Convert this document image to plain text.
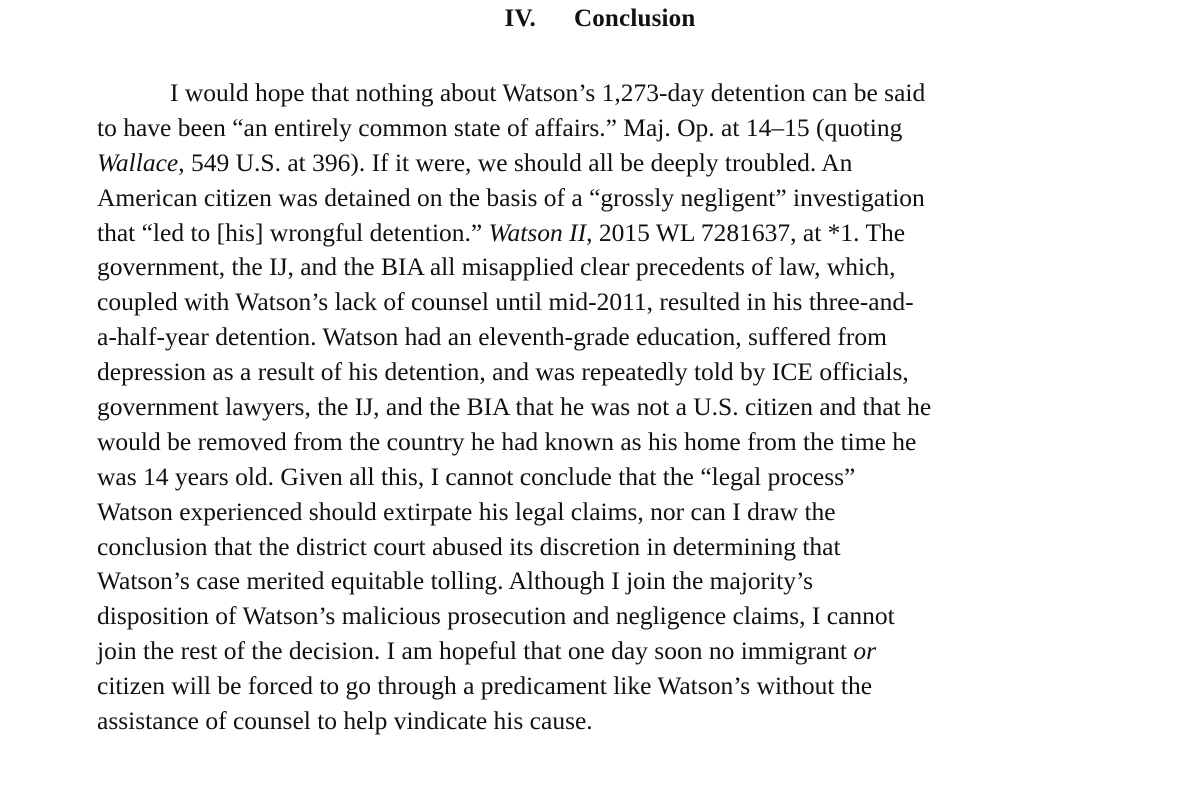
IV. Conclusion
I would hope that nothing about Watson’s 1,273-day detention can be said
to have been “an entirely common state of affairs.” Maj. Op. at 14–15 (quoting
Wallace, 549 U.S. at 396). If it were, we should all be deeply troubled. An
American citizen was detained on the basis of a “grossly negligent” investigation
that “led to [his] wrongful detention.” Watson II, 2015 WL 7281637, at *1. The
government, the IJ, and the BIA all misapplied clear precedents of law, which,
coupled with Watson’s lack of counsel until mid-2011, resulted in his three-and-
a-half-year detention. Watson had an eleventh-grade education, suffered from
depression as a result of his detention, and was repeatedly told by ICE officials,
government lawyers, the IJ, and the BIA that he was not a U.S. citizen and that he
would be removed from the country he had known as his home from the time he
was 14 years old. Given all this, I cannot conclude that the “legal process”
Watson experienced should extirpate his legal claims, nor can I draw the
conclusion that the district court abused its discretion in determining that
Watson’s case merited equitable tolling. Although I join the majority’s
disposition of Watson’s malicious prosecution and negligence claims, I cannot
join the rest of the decision. I am hopeful that one day soon no immigrant or
citizen will be forced to go through a predicament like Watson’s without the
assistance of counsel to help vindicate his cause.
